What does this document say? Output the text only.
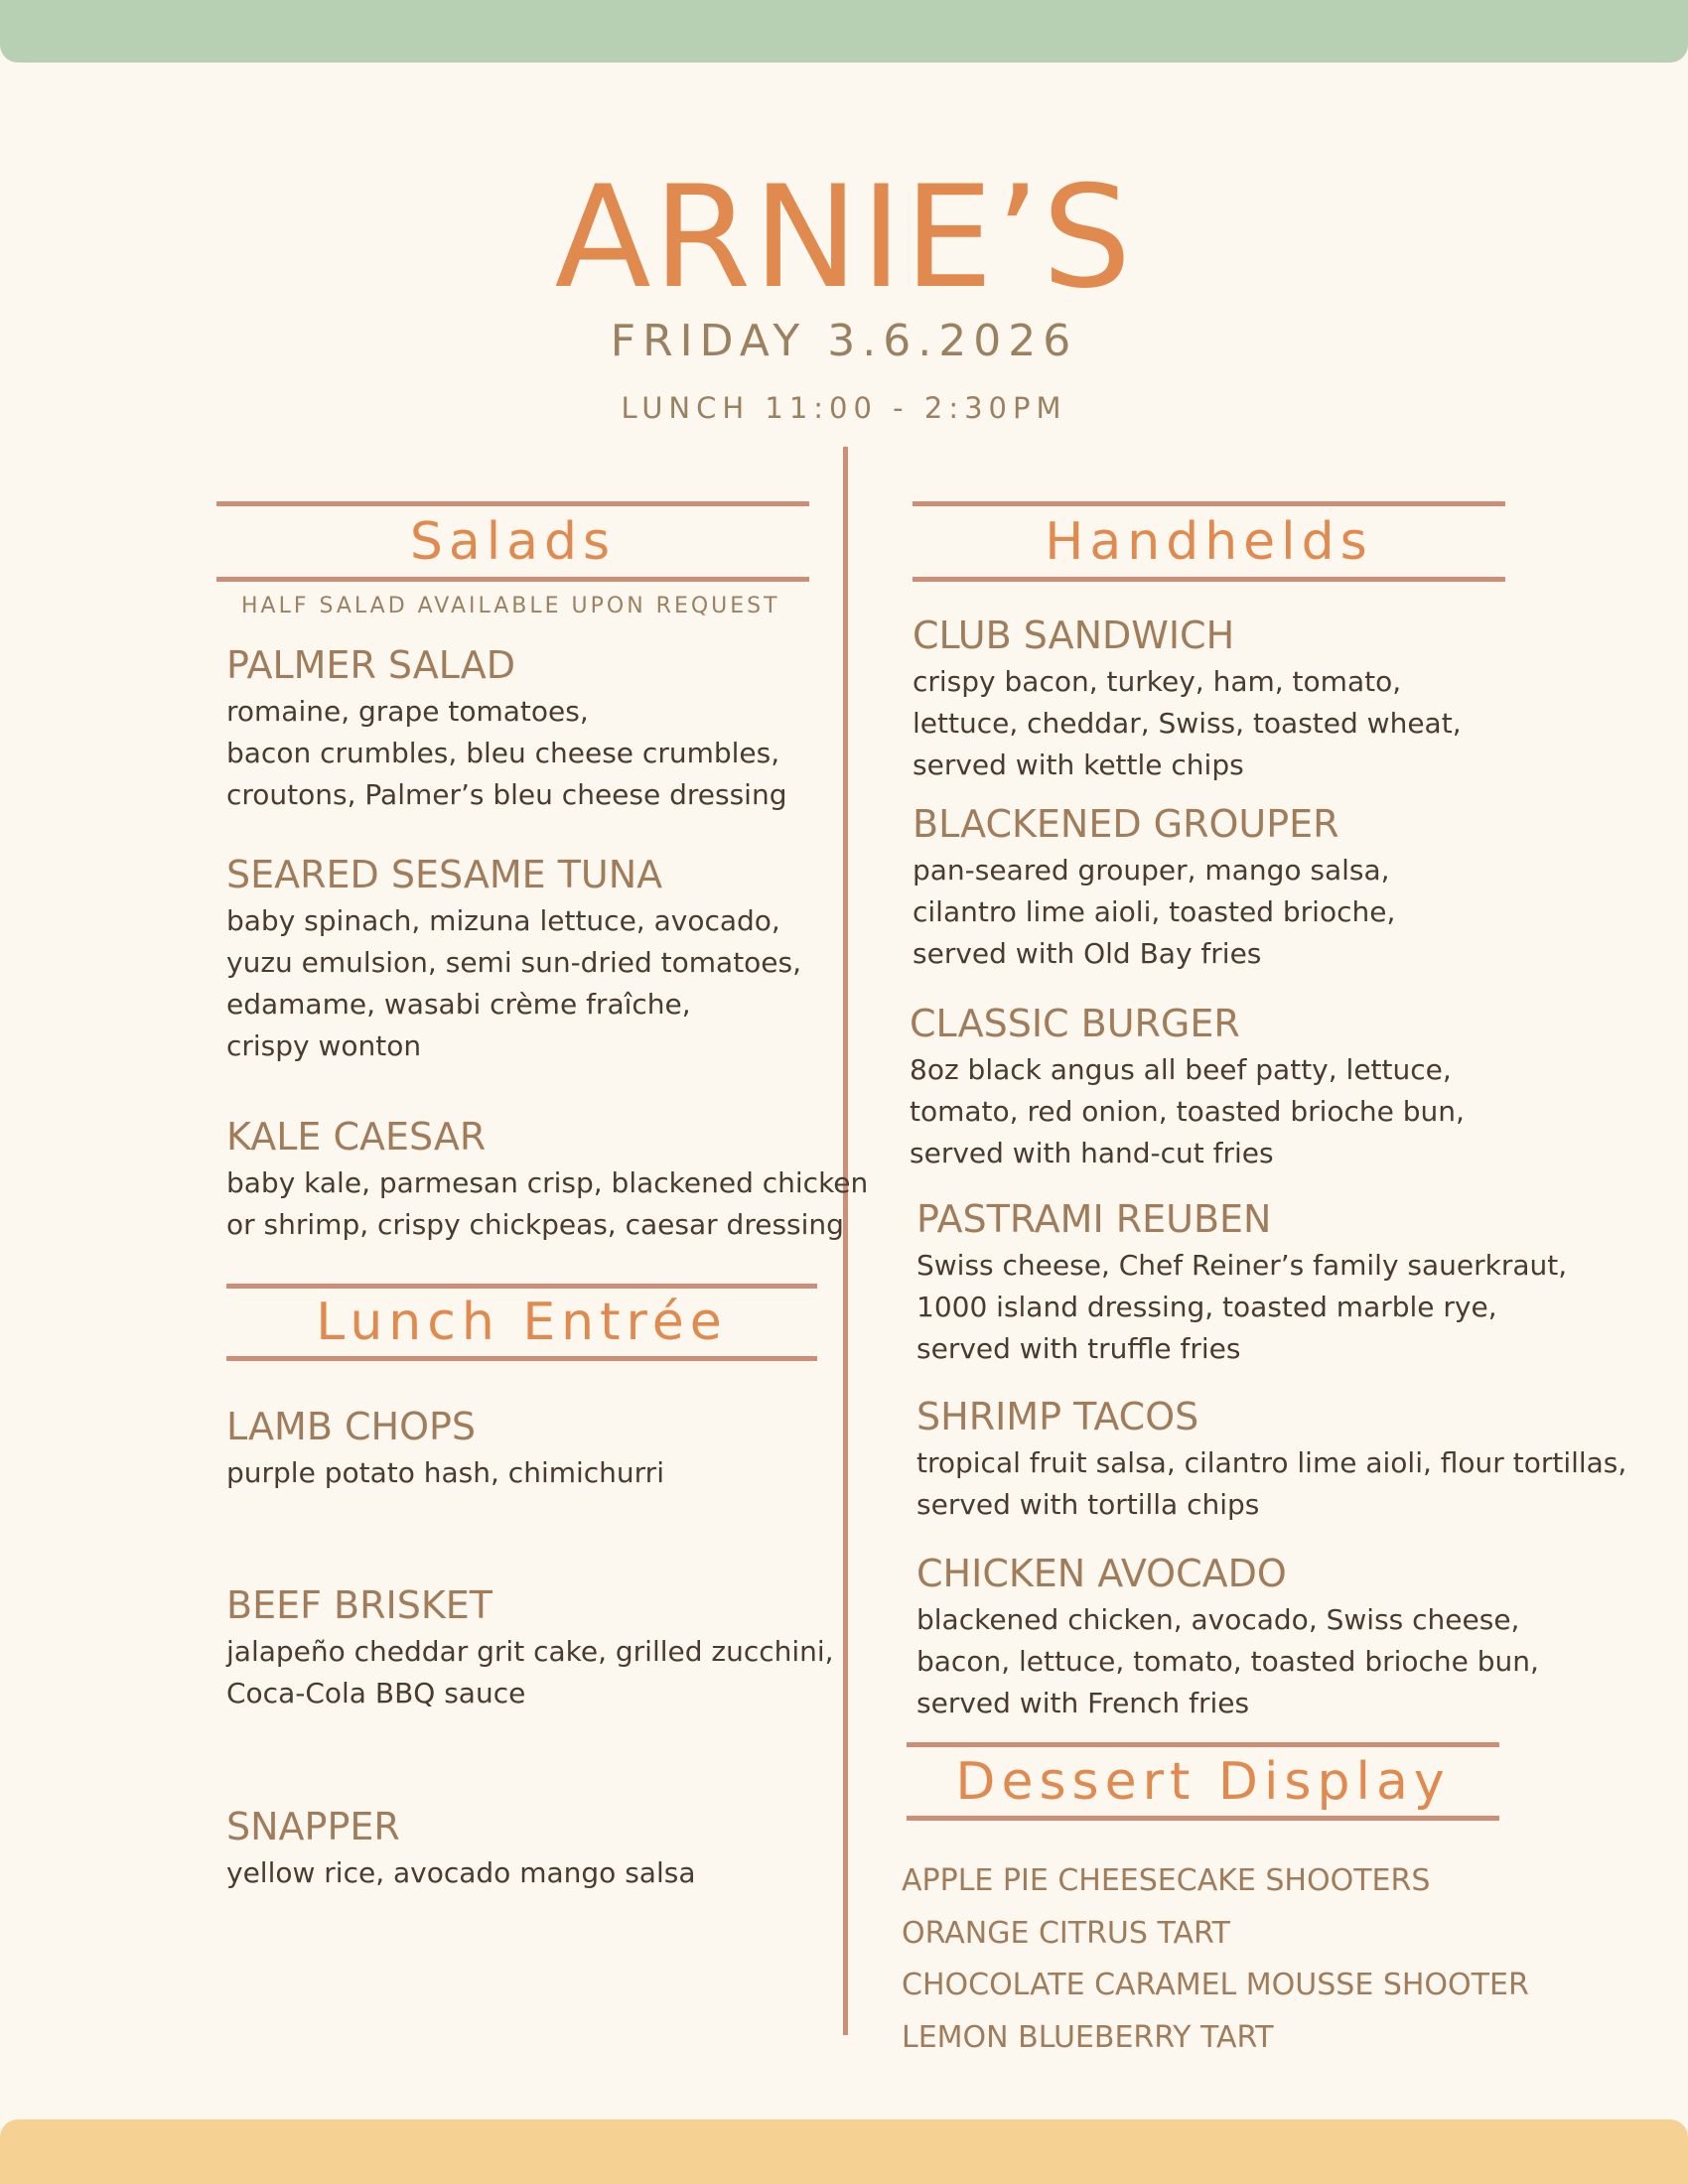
ARNIE’S
FRIDAY 3.6.2026
LUNCH 11:00 - 2:30PM
Salads
HALF SALAD AVAILABLE UPON REQUEST
PALMER SALAD
romaine, grape tomatoes,
bacon crumbles, bleu cheese crumbles,
croutons, Palmer’s bleu cheese dressing
SEARED SESAME TUNA
baby spinach, mizuna lettuce, avocado,
yuzu emulsion, semi sun-dried tomatoes,
edamame, wasabi crème fraîche,
crispy wonton
KALE CAESAR
baby kale, parmesan crisp, blackened chicken
or shrimp, crispy chickpeas, caesar dressing
Lunch Entrée
LAMB CHOPS
purple potato hash, chimichurri
BEEF BRISKET
jalapeño cheddar grit cake, grilled zucchini,
Coca-Cola BBQ sauce
SNAPPER
yellow rice, avocado mango salsa
Handhelds
CLUB SANDWICH
crispy bacon, turkey, ham, tomato,
lettuce, cheddar, Swiss, toasted wheat,
served with kettle chips
BLACKENED GROUPER
pan-seared grouper, mango salsa,
cilantro lime aioli, toasted brioche,
served with Old Bay fries
CLASSIC BURGER
8oz black angus all beef patty, lettuce,
tomato, red onion, toasted brioche bun,
served with hand-cut fries
PASTRAMI REUBEN
Swiss cheese, Chef Reiner’s family sauerkraut,
1000 island dressing, toasted marble rye,
served with truffle fries
SHRIMP TACOS
tropical fruit salsa, cilantro lime aioli, flour tortillas,
served with tortilla chips
CHICKEN AVOCADO
blackened chicken, avocado, Swiss cheese,
bacon, lettuce, tomato, toasted brioche bun,
served with French fries
Dessert Display
APPLE PIE CHEESECAKE SHOOTERS
ORANGE CITRUS TART
CHOCOLATE CARAMEL MOUSSE SHOOTER
LEMON BLUEBERRY TART
